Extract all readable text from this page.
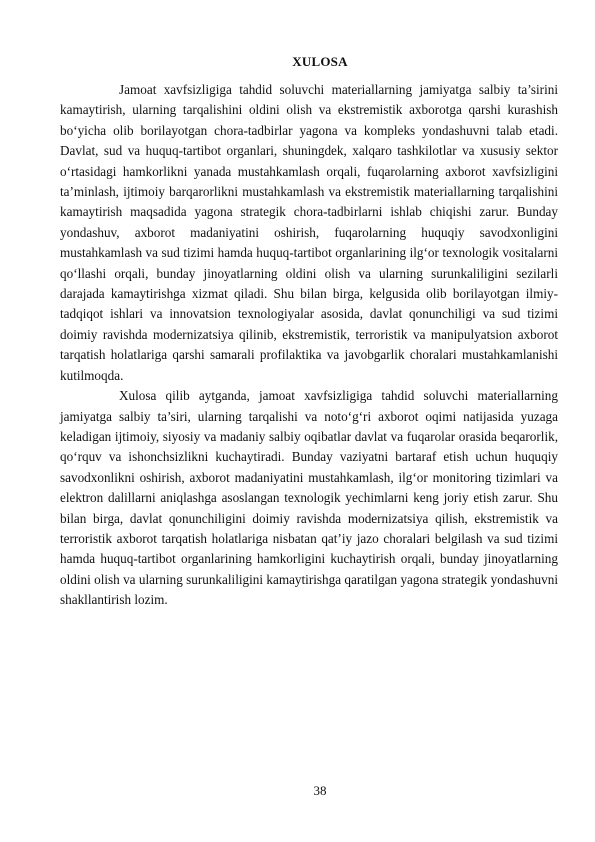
XULOSA

Jamoat xavfsizligiga tahdid soluvchi materiallarning jamiyatga salbiy ta’sirini kamaytirish, ularning tarqalishini oldini olish va ekstremistik axborotga qarshi kurashish bo‘yicha olib borilayotgan chora-tadbirlar yagona va kompleks yondashuvni talab etadi. Davlat, sud va huquq-tartibot organlari, shuningdek, xalqaro tashkilotlar va xususiy sektor o‘rtasidagi hamkorlikni yanada mustahkamlash orqali, fuqarolarning axborot xavfsizligini ta’minlash, ijtimoiy barqarorlikni mustahkamlash va ekstremistik materiallarning tarqalishini kamaytirish maqsadida yagona strategik chora-tadbirlarni ishlab chiqishi zarur. Bunday yondashuv, axborot madaniyatini oshirish, fuqarolarning huquqiy savodxonligini mustahkamlash va sud tizimi hamda huquq-tartibot organlarining ilg‘or texnologik vositalarni qo‘llashi orqali, bunday jinoyatlarning oldini olish va ularning surunkaliligini sezilarli darajada kamaytirishga xizmat qiladi. Shu bilan birga, kelgusida olib borilayotgan ilmiy-tadqiqot ishlari va innovatsion texnologiyalar asosida, davlat qonunchiligi va sud tizimi doimiy ravishda modernizatsiya qilinib, ekstremistik, terroristik va manipulyatsion axborot tarqatish holatlariga qarshi samarali profilaktika va javobgarlik choralari mustahkamlanishi kutilmoqda.

Xulosa qilib aytganda, jamoat xavfsizligiga tahdid soluvchi materiallarning jamiyatga salbiy ta’siri, ularning tarqalishi va noto‘g‘ri axborot oqimi natijasida yuzaga keladigan ijtimoiy, siyosiy va madaniy salbiy oqibatlar davlat va fuqarolar orasida beqarorlik, qo‘rquv va ishonchsizlikni kuchaytiradi. Bunday vaziyatni bartaraf etish uchun huquqiy savodxonlikni oshirish, axborot madaniyatini mustahkamlash, ilg‘or monitoring tizimlari va elektron dalillarni aniqlashga asoslangan texnologik yechimlarni keng joriy etish zarur. Shu bilan birga, davlat qonunchiligini doimiy ravishda modernizatsiya qilish, ekstremistik va terroristik axborot tarqatish holatlariga nisbatan qat’iy jazo choralari belgilash va sud tizimi hamda huquq-tartibot organlarining hamkorligini kuchaytirish orqali, bunday jinoyatlarning oldini olish va ularning surunkaliligini kamaytirishga qaratilgan yagona strategik yondashuvni shakllantirish lozim.

38
